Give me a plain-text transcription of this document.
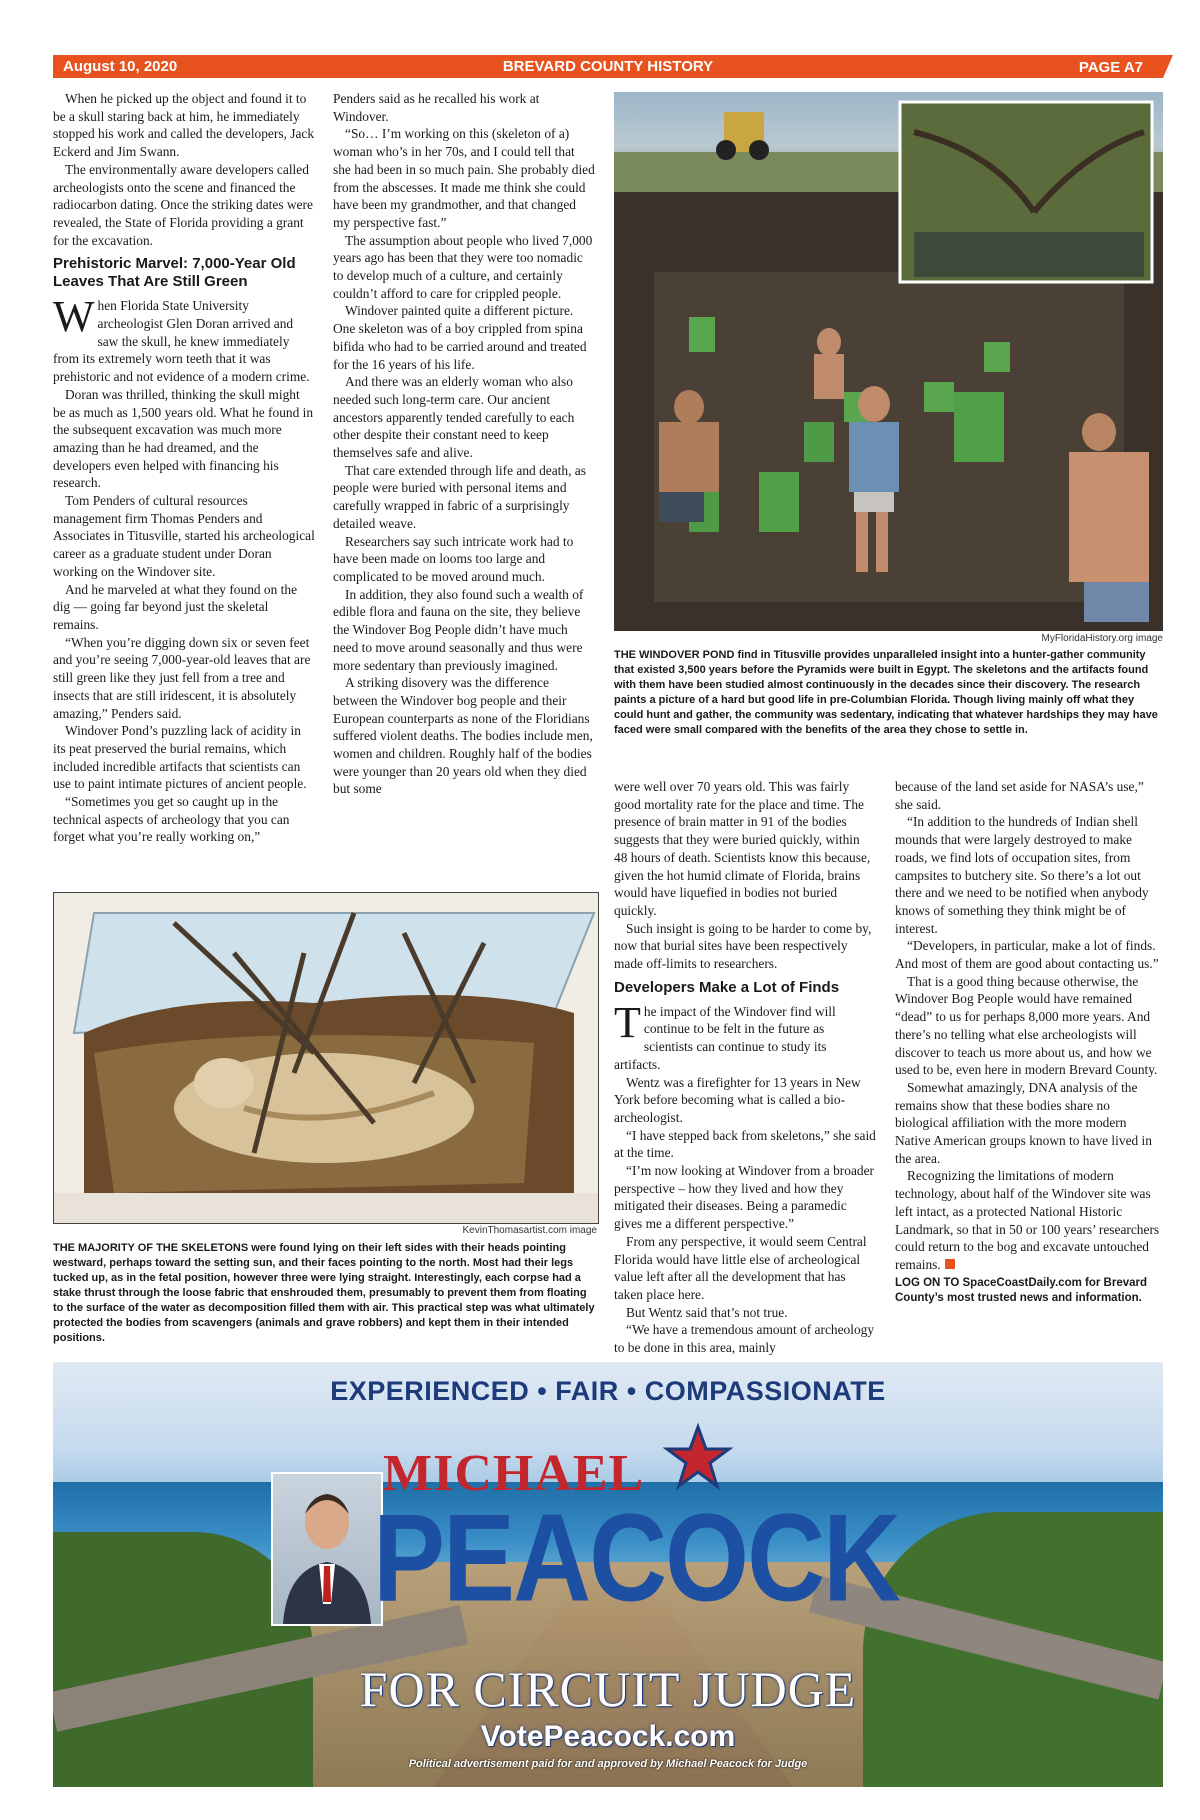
August 10, 2020	BREVARD COUNTY HISTORY	PAGE A7

When he picked up the object and found it to be a skull staring back at him, he immediately stopped his work and called the developers, Jack Eckerd and Jim Swann.

The environmentally aware developers called archeologists onto the scene and financed the radiocarbon dating. Once the striking dates were revealed, the State of Florida providing a grant for the excavation.

Prehistoric Marvel: 7,000-Year Old Leaves That Are Still Green

When Florida State University archeologist Glen Doran arrived and saw the skull, he knew immediately from its extremely worn teeth that it was prehistoric and not evidence of a modern crime.

Doran was thrilled, thinking the skull might be as much as 1,500 years old. What he found in the subsequent excavation was much more amazing than he had dreamed, and the developers even helped with financing his research.

Tom Penders of cultural resources management firm Thomas Penders and Associates in Titusville, started his archeological career as a graduate student under Doran working on the Windover site.

And he marveled at what they found on the dig — going far beyond just the skeletal remains.

“When you’re digging down six or seven feet and you’re seeing 7,000-year-old leaves that are still green like they just fell from a tree and insects that are still iridescent, it is absolutely amazing,” Penders said.

Windover Pond’s puzzling lack of acidity in its peat preserved the burial remains, which included incredible artifacts that scientists can use to paint intimate pictures of ancient people.

“Sometimes you get so caught up in the technical aspects of archeology that you can forget what you’re really working on,”

Penders said as he recalled his work at Windover.

“So… I’m working on this (skeleton of a) woman who’s in her 70s, and I could tell that she had been in so much pain. She probably died from the abscesses. It made me think she could have been my grandmother, and that changed my perspective fast.”

The assumption about people who lived 7,000 years ago has been that they were too nomadic to develop much of a culture, and certainly couldn’t afford to care for crippled people.

Windover painted quite a different picture. One skeleton was of a boy crippled from spina bifida who had to be carried around and treated for the 16 years of his life.

And there was an elderly woman who also needed such long-term care. Our ancient ancestors apparently tended carefully to each other despite their constant need to keep themselves safe and alive.

That care extended through life and death, as people were buried with personal items and carefully wrapped in fabric of a surprisingly detailed weave.

Researchers say such intricate work had to have been made on looms too large and complicated to be moved around much.

In addition, they also found such a wealth of edible flora and fauna on the site, they believe the Windover Bog People didn’t have much need to move around seasonally and thus were more sedentary than previously imagined.

A striking disovery was the difference between the Windover bog people and their European counterparts as none of the Floridians suffered violent deaths. The bodies include men, women and children. Roughly half of the bodies were younger than 20 years old when they died but some

MyFloridaHistory.org image
THE WINDOVER POND find in Titusville provides unparalleled insight into a hunter-gather community that existed 3,500 years before the Pyramids were built in Egypt. The skeletons and the artifacts found with them have been studied almost continuously in the decades since their discovery. The research paints a picture of a hard but good life in pre-Columbian Florida. Though living mainly off what they could hunt and gather, the community was sedentary, indicating that whatever hardships they may have faced were small compared with the benefits of the area they chose to settle in.

were well over 70 years old. This was fairly good mortality rate for the place and time. The presence of brain matter in 91 of the bodies suggests that they were buried quickly, within 48 hours of death. Scientists know this because, given the hot humid climate of Florida, brains would have liquefied in bodies not buried quickly.

Such insight is going to be harder to come by, now that burial sites have been respectively made off-limits to researchers.

Developers Make a Lot of Finds

The impact of the Windover find will continue to be felt in the future as scientists can continue to study its artifacts.

Wentz was a firefighter for 13 years in New York before becoming what is called a bio-archeologist.

“I have stepped back from skeletons,” she said at the time.

“I’m now looking at Windover from a broader perspective – how they lived and how they mitigated their diseases. Being a paramedic gives me a different perspective.”

From any perspective, it would seem Central Florida would have little else of archeological value left after all the development that has taken place here.

But Wentz said that’s not true.

“We have a tremendous amount of archeology to be done in this area, mainly

because of the land set aside for NASA’s use,” she said.

“In addition to the hundreds of Indian shell mounds that were largely destroyed to make roads, we find lots of occupation sites, from campsites to butchery site. So there’s a lot out there and we need to be notified when anybody knows of something they think might be of interest.

“Developers, in particular, make a lot of finds. And most of them are good about contacting us.”

That is a good thing because otherwise, the Windover Bog People would have remained “dead” to us for perhaps 8,000 more years. And there’s no telling what else archeologists will discover to teach us more about us, and how we used to be, even here in modern Brevard County.

Somewhat amazingly, DNA analysis of the remains show that these bodies share no biological affiliation with the more modern Native American groups known to have lived in the area.

Recognizing the limitations of modern technology, about half of the Windover site was left intact, as a protected National Historic Landmark, so that in 50 or 100 years’ researchers could return to the bog and excavate untouched remains.

LOG ON TO SpaceCoastDaily.com for Brevard County’s most trusted news and information.

KevinThomasartist.com image
THE MAJORITY OF THE SKELETONS were found lying on their left sides with their heads pointing westward, perhaps toward the setting sun, and their faces pointing to the north. Most had their legs tucked up, as in the fetal position, however three were lying straight. Interestingly, each corpse had a stake thrust through the loose fabric that enshrouded them, presumably to prevent them from floating to the surface of the water as decomposition filled them with air. This practical step was what ultimately protected the bodies from scavengers (animals and grave robbers) and kept them in their intended positions.
EXPERIENCED • FAIR • COMPASSIONATE
MICHAEL
PEACOCK
FOR CIRCUIT JUDGE
VotePeacock.com
Political advertisement paid for and approved by Michael Peacock for Judge
